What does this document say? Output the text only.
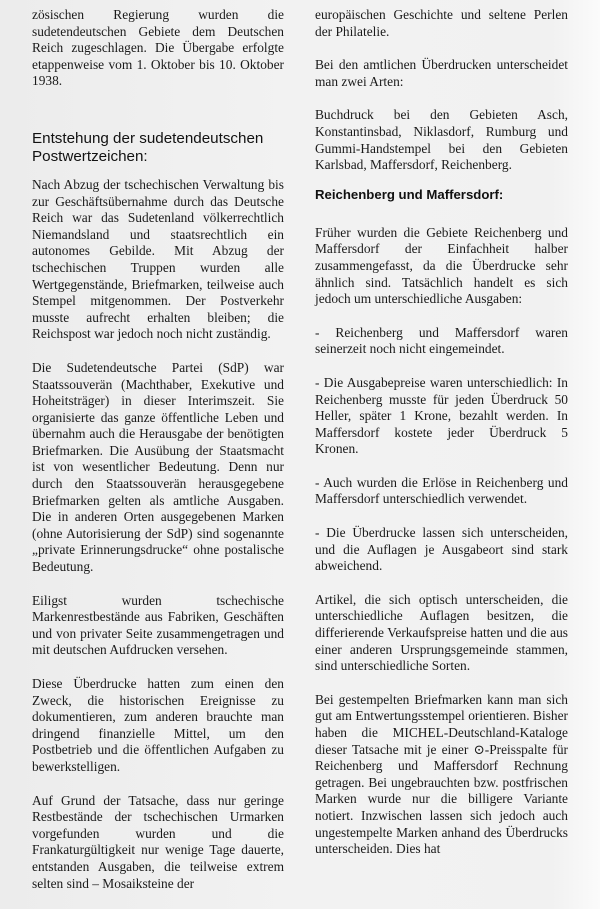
zösischen Regierung wurden die sudetendeutschen Gebiete dem Deutschen Reich zugeschlagen. Die Übergabe erfolgte etappenweise vom 1. Oktober bis 10. Oktober 1938.

Entstehung der sudetendeutschen Postwertzeichen:

Nach Abzug der tschechischen Verwaltung bis zur Geschäftsübernahme durch das Deutsche Reich war das Sudetenland völkerrechtlich Niemandsland und staatsrechtlich ein autonomes Gebilde. Mit Abzug der tschechischen Truppen wurden alle Wertgegenstände, Briefmarken, teilweise auch Stempel mitgenommen. Der Postverkehr musste aufrecht erhalten bleiben; die Reichspost war jedoch noch nicht zuständig.

Die Sudetendeutsche Partei (SdP) war Staatssouverän (Machthaber, Exekutive und Hoheitsträger) in dieser Interimszeit. Sie organisierte das ganze öffentliche Leben und übernahm auch die Herausgabe der benötigten Briefmarken. Die Ausübung der Staatsmacht ist von wesentlicher Bedeutung. Denn nur durch den Staatssouverän herausgegebene Briefmarken gelten als amtliche Ausgaben. Die in anderen Orten ausgegebenen Marken (ohne Autorisierung der SdP) sind sogenannte „private Erinnerungsdrucke“ ohne postalische Bedeutung.

Eiligst wurden tschechische Markenrestbestände aus Fabriken, Geschäften und von privater Seite zusammengetragen und mit deutschen Aufdrucken versehen.

Diese Überdrucke hatten zum einen den Zweck, die historischen Ereignisse zu dokumentieren, zum anderen brauchte man dringend finanzielle Mittel, um den Postbetrieb und die öffentlichen Aufgaben zu bewerkstelligen.

Auf Grund der Tatsache, dass nur geringe Restbestände der tschechischen Urmarken vorgefunden wurden und die Frankaturgültigkeit nur wenige Tage dauerte, entstanden Ausgaben, die teilweise extrem selten sind – Mosaiksteine der

europäischen Geschichte und seltene Perlen der Philatelie.

Bei den amtlichen Überdrucken unterscheidet man zwei Arten:

Buchdruck bei den Gebieten Asch, Konstantinsbad, Niklasdorf, Rumburg und Gummi-Handstempel bei den Gebieten Karlsbad, Maffersdorf, Reichenberg.

Reichenberg und Maffersdorf:

Früher wurden die Gebiete Reichenberg und Maffersdorf der Einfachheit halber zusammengefasst, da die Überdrucke sehr ähnlich sind. Tatsächlich handelt es sich jedoch um unterschiedliche Ausgaben:

- Reichenberg und Maffersdorf waren seinerzeit noch nicht eingemeindet.

- Die Ausgabepreise waren unterschiedlich: In Reichenberg musste für jeden Überdruck 50 Heller, später 1 Krone, bezahlt werden. In Maffersdorf kostete jeder Überdruck 5 Kronen.

- Auch wurden die Erlöse in Reichenberg und Maffersdorf unterschiedlich verwendet.

- Die Überdrucke lassen sich unterscheiden, und die Auflagen je Ausgabeort sind stark abweichend.

Artikel, die sich optisch unterscheiden, die unterschiedliche Auflagen besitzen, die differierende Verkaufspreise hatten und die aus einer anderen Ursprungsgemeinde stammen, sind unterschiedliche Sorten.

Bei gestempelten Briefmarken kann man sich gut am Entwertungsstempel orientieren. Bisher haben die MICHEL-Deutschland-Kataloge dieser Tatsache mit je einer ⊙-Preisspalte für Reichenberg und Maffersdorf Rechnung getragen. Bei ungebrauchten bzw. postfrischen Marken wurde nur die billigere Variante notiert. Inzwischen lassen sich jedoch auch ungestempelte Marken anhand des Überdrucks unterscheiden. Dies hat
